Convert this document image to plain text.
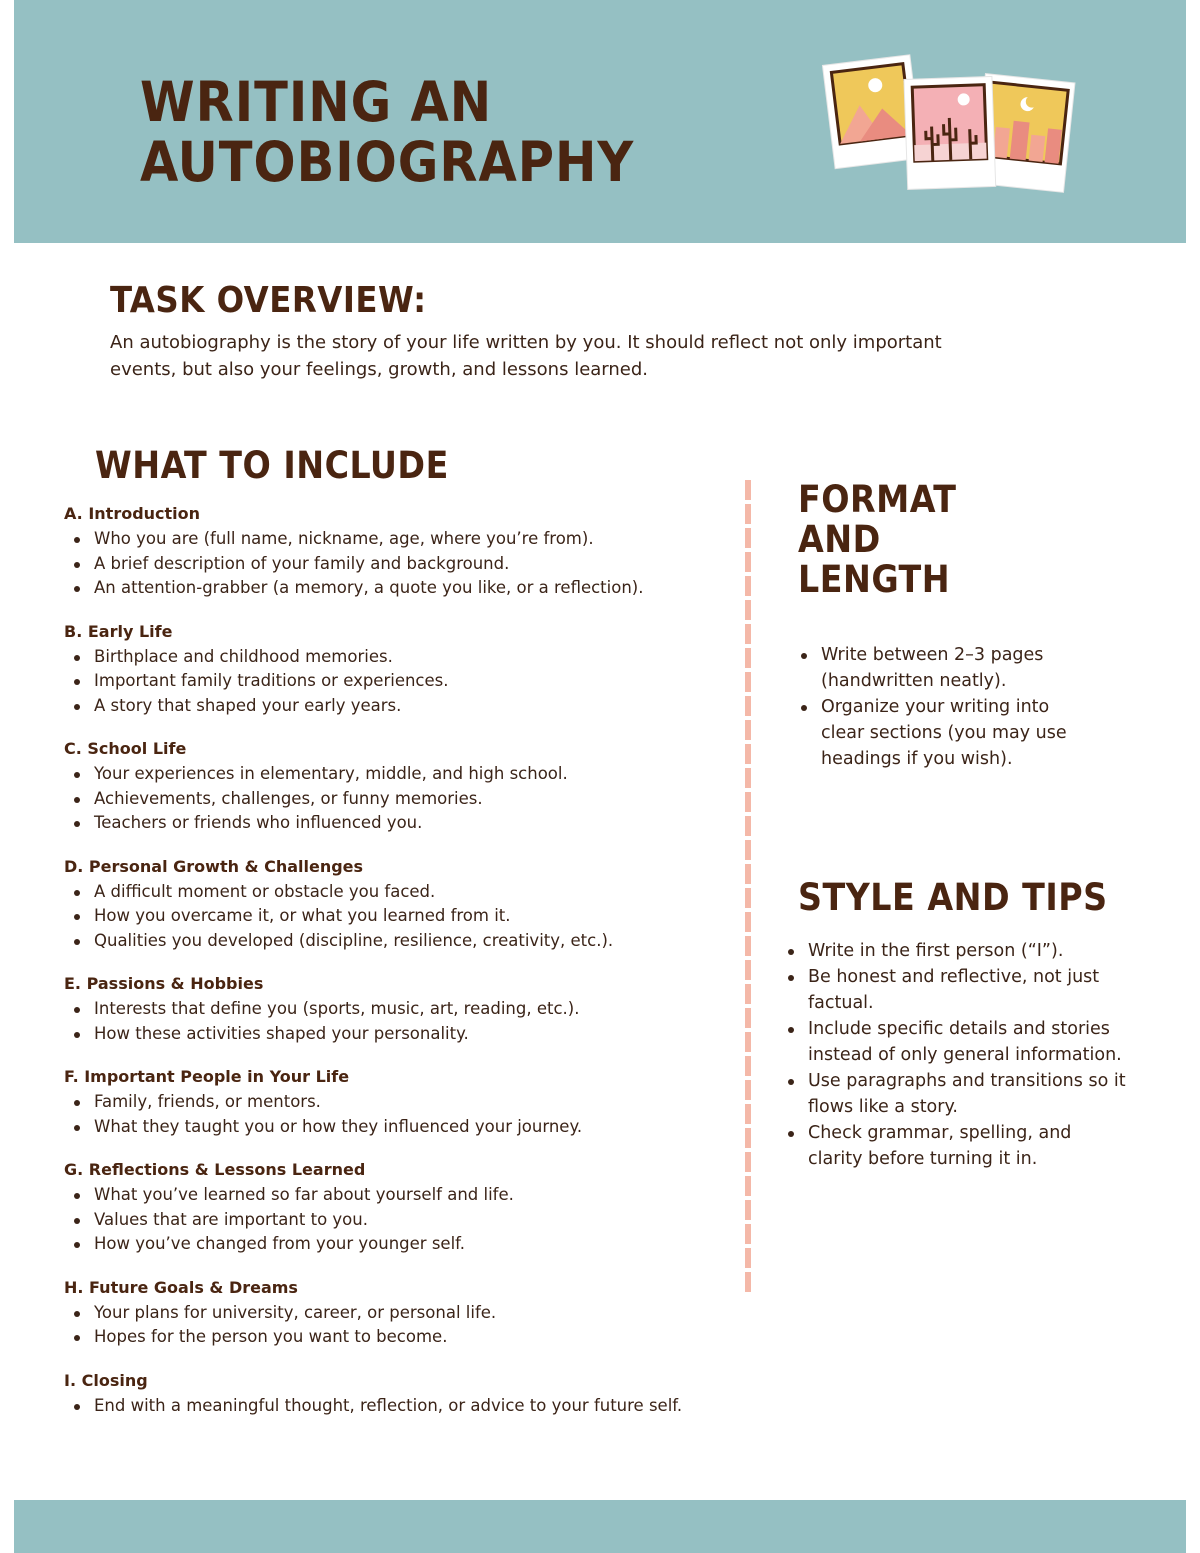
WRITING AN
AUTOBIOGRAPHY
TASK OVERVIEW:

An autobiography is the story of your life written by you. It should reflect not only important events, but also your feelings, growth, and lessons learned.

WHAT TO INCLUDE
A. Introduction
Who you are (full name, nickname, age, where you’re from).
A brief description of your family and background.
An attention-grabber (a memory, a quote you like, or a reflection).
B. Early Life
Birthplace and childhood memories.
Important family traditions or experiences.
A story that shaped your early years.
C. School Life
Your experiences in elementary, middle, and high school.
Achievements, challenges, or funny memories.
Teachers or friends who influenced you.
D. Personal Growth & Challenges
A difficult moment or obstacle you faced.
How you overcame it, or what you learned from it.
Qualities you developed (discipline, resilience, creativity, etc.).
E. Passions & Hobbies
Interests that define you (sports, music, art, reading, etc.).
How these activities shaped your personality.
F. Important People in Your Life
Family, friends, or mentors.
What they taught you or how they influenced your journey.
G. Reflections & Lessons Learned
What you’ve learned so far about yourself and life.
Values that are important to you.
How you’ve changed from your younger self.
H. Future Goals & Dreams
Your plans for university, career, or personal life.
Hopes for the person you want to become.
I. Closing
End with a meaningful thought, reflection, or advice to your future self.
FORMAT
AND
LENGTH
Write between 2–3 pages (handwritten neatly).
Organize your writing into clear sections (you may use headings if you wish).
STYLE AND TIPS
Write in the first person (“I”).
Be honest and reflective, not just factual.
Include specific details and stories instead of only general information.
Use paragraphs and transitions so it flows like a story.
Check grammar, spelling, and clarity before turning it in.
